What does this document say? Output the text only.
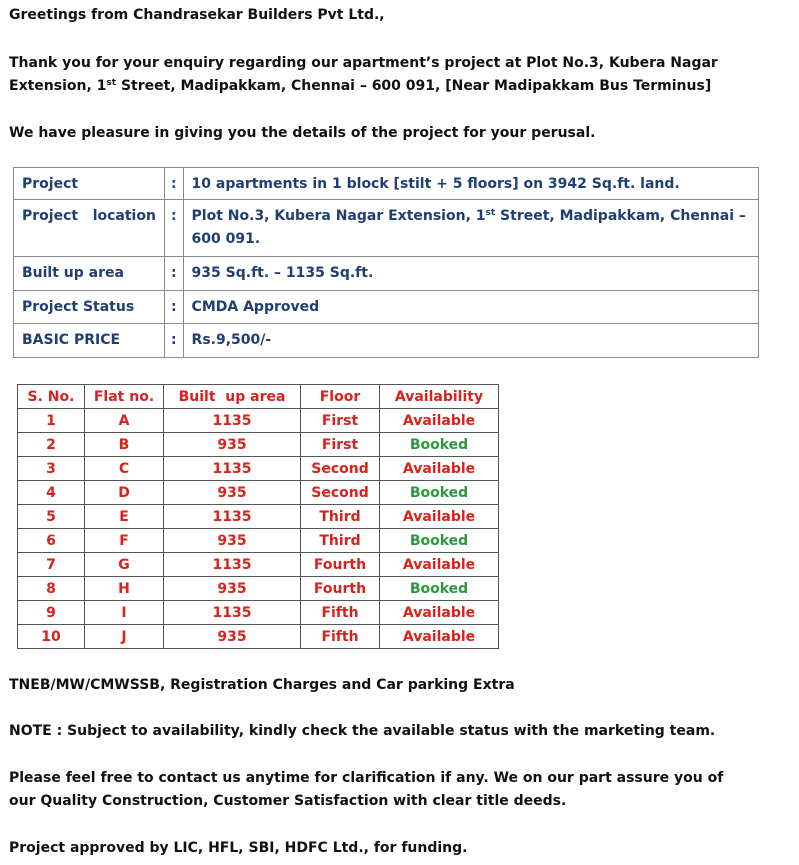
Greetings from Chandrasekar Builders Pvt Ltd.,

Thank you for your enquiry regarding our apartment’s project at Plot No.3, Kubera Nagar

Extension, 1st Street, Madipakkam, Chennai – 600 091, [Near Madipakkam Bus Terminus]

We have pleasure in giving you the details of the project for your perusal.

Project	:	10 apartments in 1 block [stilt + 5 floors] on 3942 Sq.ft. land.
Project   location	:	Plot No.3, Kubera Nagar Extension, 1st Street, Madipakkam, Chennai –
600 091.
Built up area	:	935 Sq.ft. – 1135 Sq.ft.
Project Status	:	CMDA Approved
BASIC PRICE	:	Rs.9,500/-
S. No.	Flat no.	Built  up area	Floor	Availability
1	A	1135	First	Available
2	B	935	First	Booked
3	C	1135	Second	Available
4	D	935	Second	Booked
5	E	1135	Third	Available
6	F	935	Third	Booked
7	G	1135	Fourth	Available
8	H	935	Fourth	Booked
9	I	1135	Fifth	Available
10	J	935	Fifth	Available

TNEB/MW/CMWSSB, Registration Charges and Car parking Extra

NOTE : Subject to availability, kindly check the available status with the marketing team.

Please feel free to contact us anytime for clarification if any. We on our part assure you of

our Quality Construction, Customer Satisfaction with clear title deeds.

Project approved by LIC, HFL, SBI, HDFC Ltd., for funding.
